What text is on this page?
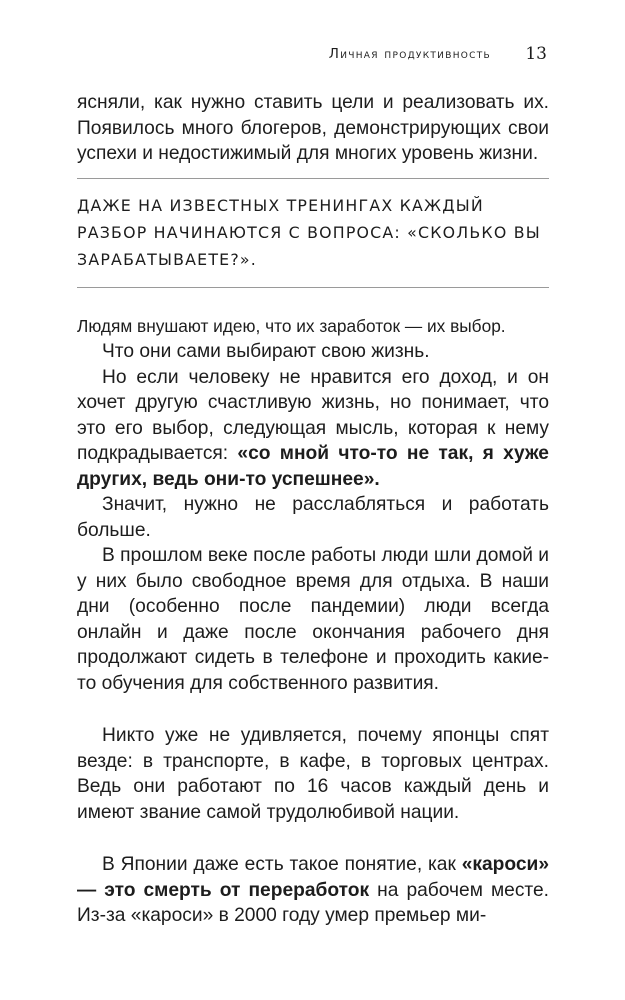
Личная продуктивность 13

ясняли, как нужно ставить цели и реализовать их. Появилось много блогеров, демонстрирующих свои успехи и недостижимый для многих уровень жизни.

ДАЖЕ НА ИЗВЕСТНЫХ ТРЕНИНГАХ КАЖДЫЙ РАЗБОР НАЧИНАЮТСЯ С ВОПРОСА: «СКОЛЬКО ВЫ ЗАРАБАТЫВАЕТЕ?».

Людям внушают идею, что их заработок — их выбор.

Что они сами выбирают свою жизнь.

Но если человеку не нравится его доход, и он хочет другую счастливую жизнь, но понимает, что это его выбор, следующая мысль, которая к нему подкрадывается: «со мной что-то не так, я хуже других, ведь они-то успешнее».

Значит, нужно не расслабляться и работать больше.

В прошлом веке после работы люди шли домой и у них было свободное время для отдыха. В наши дни (особенно после пандемии) люди всегда онлайн и даже после окончания рабочего дня продолжают сидеть в телефоне и проходить какие-то обучения для собственного развития.

Никто уже не удивляется, почему японцы спят везде: в транспорте, в кафе, в торговых центрах. Ведь они работают по 16 часов каждый день и имеют звание самой трудолюбивой нации.

В Японии даже есть такое понятие, как «кароси» — это смерть от переработок на рабочем месте. Из-за «кароси» в 2000 году умер премьер ми-
